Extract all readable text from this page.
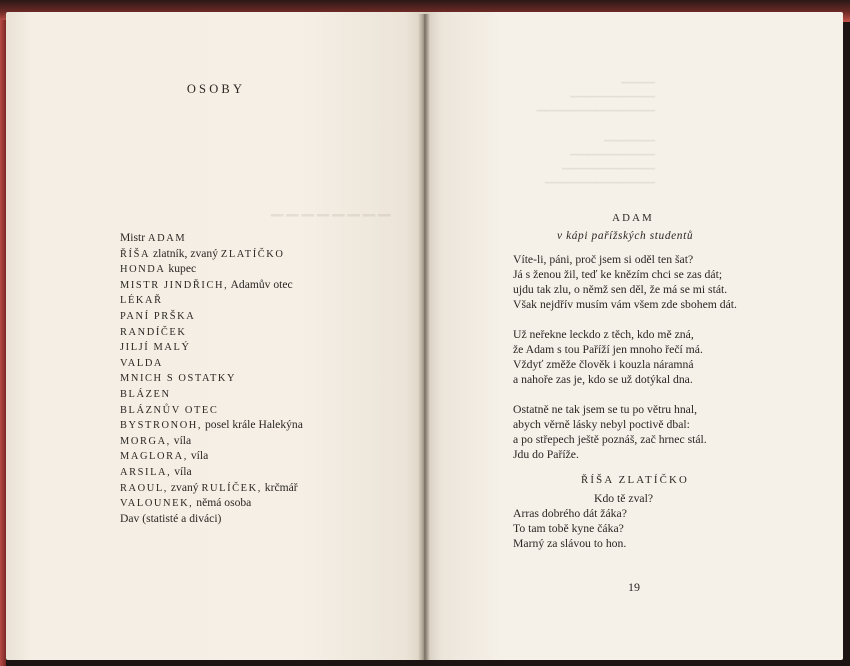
▔▔▔▔▔▔▔▔
OSOBY
Mistr ADAM
ŘÍŠA zlatník, zvaný ZLATÍČKO
HONDA kupec
MISTR JINDŘICH, Adamův otec
LÉKAŘ
PANÍ PRŠKA
RANDÍČEK
JILJÍ MALÝ
VALDA
MNICH S OSTATKY
BLÁZEN
BLÁZNŮV OTEC
BYSTRONOH, posel krále Halekýna
MORGA, víla
MAGLORA, víla
ARSILA, víla
RAOUL, zvaný RULÍČEK, krčmář
VALOUNEK, němá osoba
Dav (statisté a diváci)
▔▔▔▔
▔▔▔▔▔▔▔▔▔▔
▔▔▔▔▔▔▔▔▔▔▔▔▔▔
▔▔▔▔▔▔
▔▔▔▔▔▔▔▔▔▔
▔▔▔▔▔▔▔▔▔▔▔
▔▔▔▔▔▔▔▔▔▔▔▔▔
ADAM
v kápi pařížských studentů
Víte-li, páni, proč jsem si oděl ten šat?
Já s ženou žil, teď ke knězím chci se zas dát;
ujdu tak zlu, o němž sen děl, že má se mi stát.
Však nejdřív musím vám všem zde sbohem dát.
Už neřekne leckdo z těch, kdo mě zná,
že Adam s tou Paříží jen mnoho řečí má.
Vždyť změže člověk i kouzla náramná
a nahoře zas je, kdo se už dotýkal dna.
Ostatně ne tak jsem se tu po větru hnal,
abych věrně lásky nebyl poctivě dbal:
a po střepech ještě poznáš, zač hrnec stál.
Jdu do Paříže.
ŘÍŠA ZLATÍČKO
Kdo tě zval?
Arras dobrého dát žáka?
To tam tobě kyne čáka?
Marný za slávou to hon.
19
